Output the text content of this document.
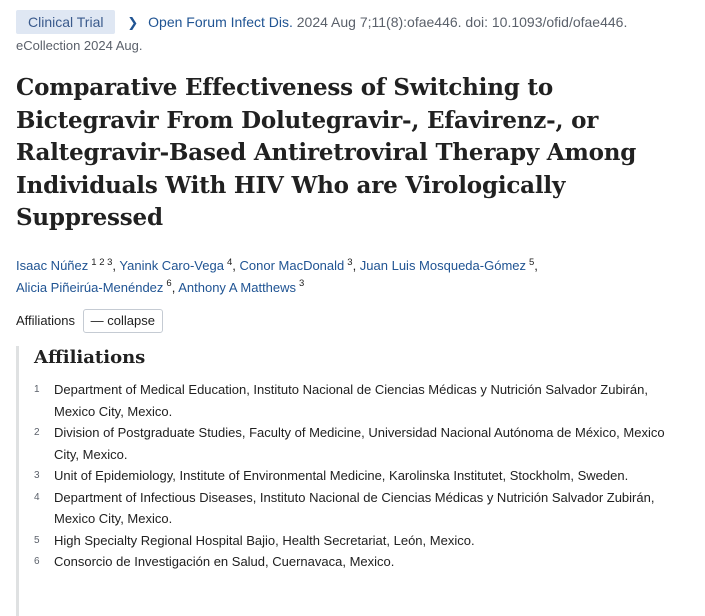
Clinical Trial ❯ Open Forum Infect Dis. 2024 Aug 7;11(8):ofae446. doi: 10.1093/ofid/ofae446.
eCollection 2024 Aug.
Comparative Effectiveness of Switching to Bictegravir From Dolutegravir-, Efavirenz-, or Raltegravir-Based Antiretroviral Therapy Among Individuals With HIV Who are Virologically Suppressed
Isaac Núñez $^{1 2 3}$, Yanink Caro-Vega $^4$, Conor MacDonald $^3$, Juan Luis Mosqueda-Gómez $^5$,
Alicia Piñeirúa-Menéndez $^6$, Anthony A Matthews $^3$
Affiliations — collapse
Affiliations
1 Department of Medical Education, Instituto Nacional de Ciencias Médicas y Nutrición Salvador Zubirán, Mexico City, Mexico.
2 Division of Postgraduate Studies, Faculty of Medicine, Universidad Nacional Autónoma de México, Mexico City, Mexico.
3 Unit of Epidemiology, Institute of Environmental Medicine, Karolinska Institutet, Stockholm, Sweden.
4 Department of Infectious Diseases, Instituto Nacional de Ciencias Médicas y Nutrición Salvador Zubirán, Mexico City, Mexico.
5 High Specialty Regional Hospital Bajio, Health Secretariat, León, Mexico.
6 Consorcio de Investigación en Salud, Cuernavaca, Mexico.
